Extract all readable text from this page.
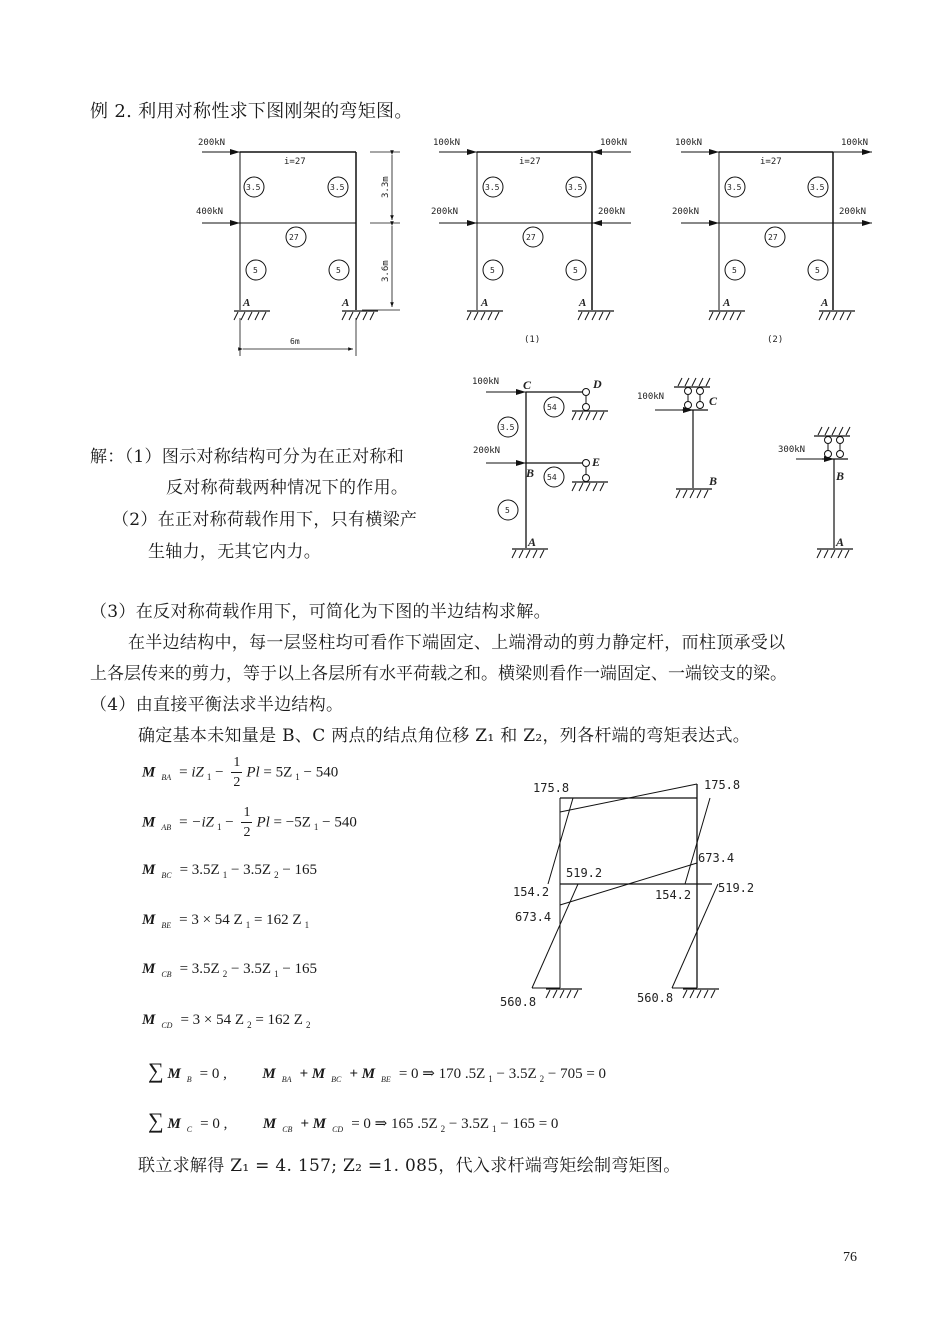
例 2. 利用对称性求下图刚架的弯矩图。
200kN
400kN
i=27
3.5	3.5
27
5	5
A	A
3.3m
3.6m
6m
100kN	100kN
200kN	200kN
i=27
3.5	3.5
27
5	5
A	A
(1)
100kN	100kN
200kN	200kN
i=27
3.5	3.5
27
5	5
A	A
(2)
100kN
200kN
C	D
B
E
A
54
54
3.5
5
100kN	C
B
300kN
B
A
解：（1）图示对称结构可分为在正对称和
反对称荷载两种情况下的作用。
（2）在正对称荷载作用下，只有横梁产
生轴力，无其它内力。
（3）在反对称荷载作用下，可简化为下图的半边结构求解。
在半边结构中，每一层竖柱均可看作下端固定、上端滑动的剪力静定杆，而柱顶承受以
上各层传来的剪力，等于以上各层所有水平荷载之和。横梁则看作一端固定、一端铰支的梁。
（4）由直接平衡法求半边结构。
确定基本未知量是 B、C 两点的结点角位移 Z₁ 和 Z₂，列各杆端的弯矩表达式。
M $_{BA}$ = iZ $_1 - \frac{1}{2}$ Pl = 5Z $_1$ − 540
M $_{AB}$ = −iZ $_1 - \frac{1}{2}$ Pl = −5Z $_1$ − 540
M $_{BC}$ = 3.5Z $_1$ − 3.5Z $_2$ − 165
M $_{BE}$ = 3 × 54 Z $_1$ = 162 Z $_1$
M $_{CB}$ = 3.5Z $_2$ − 3.5Z $_1$ − 165
M $_{CD}$ = 3 × 54 Z $_2$ = 162 Z $_2$
∑ M $_B$ = 0 , M $_{BA}$ + M $_{BC}$ + M $_{BE}$ = 0 ⇒ 170 .5Z $_1$ − 3.5Z $_2$ − 705 = 0
∑ M $_C$ = 0 , M $_{CB}$ + M $_{CD}$ = 0 ⇒ 165 .5Z $_2$ − 3.5Z $_1$ − 165 = 0
联立求解得 Z₁ = 4. 157; Z₂ =1. 085，代入求杆端弯矩绘制弯矩图。
175.8	175.8
519.2
673.4
154.2	154.2 519.2
673.4
560.8	560.8
76
